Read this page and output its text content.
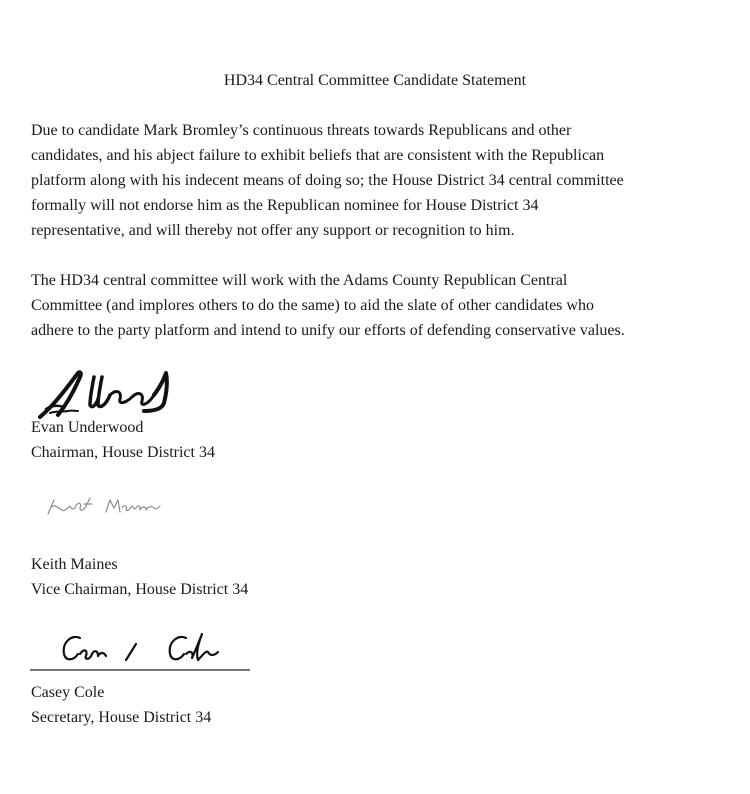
HD34 Central Committee Candidate Statement

Due to candidate Mark Bromley’s continuous threats towards Republicans and other
candidates, and his abject failure to exhibit beliefs that are consistent with the Republican
platform along with his indecent means of doing so; the House District 34 central committee
formally will not endorse him as the Republican nominee for House District 34
representative, and will thereby not offer any support or recognition to him.

The HD34 central committee will work with the Adams County Republican Central
Committee (and implores others to do the same) to aid the slate of other candidates who
adhere to the party platform and intend to unify our efforts of defending conservative values.

Evan Underwood
Chairman, House District 34
Keith Maines
Vice Chairman, House District 34
Casey Cole
Secretary, House District 34
